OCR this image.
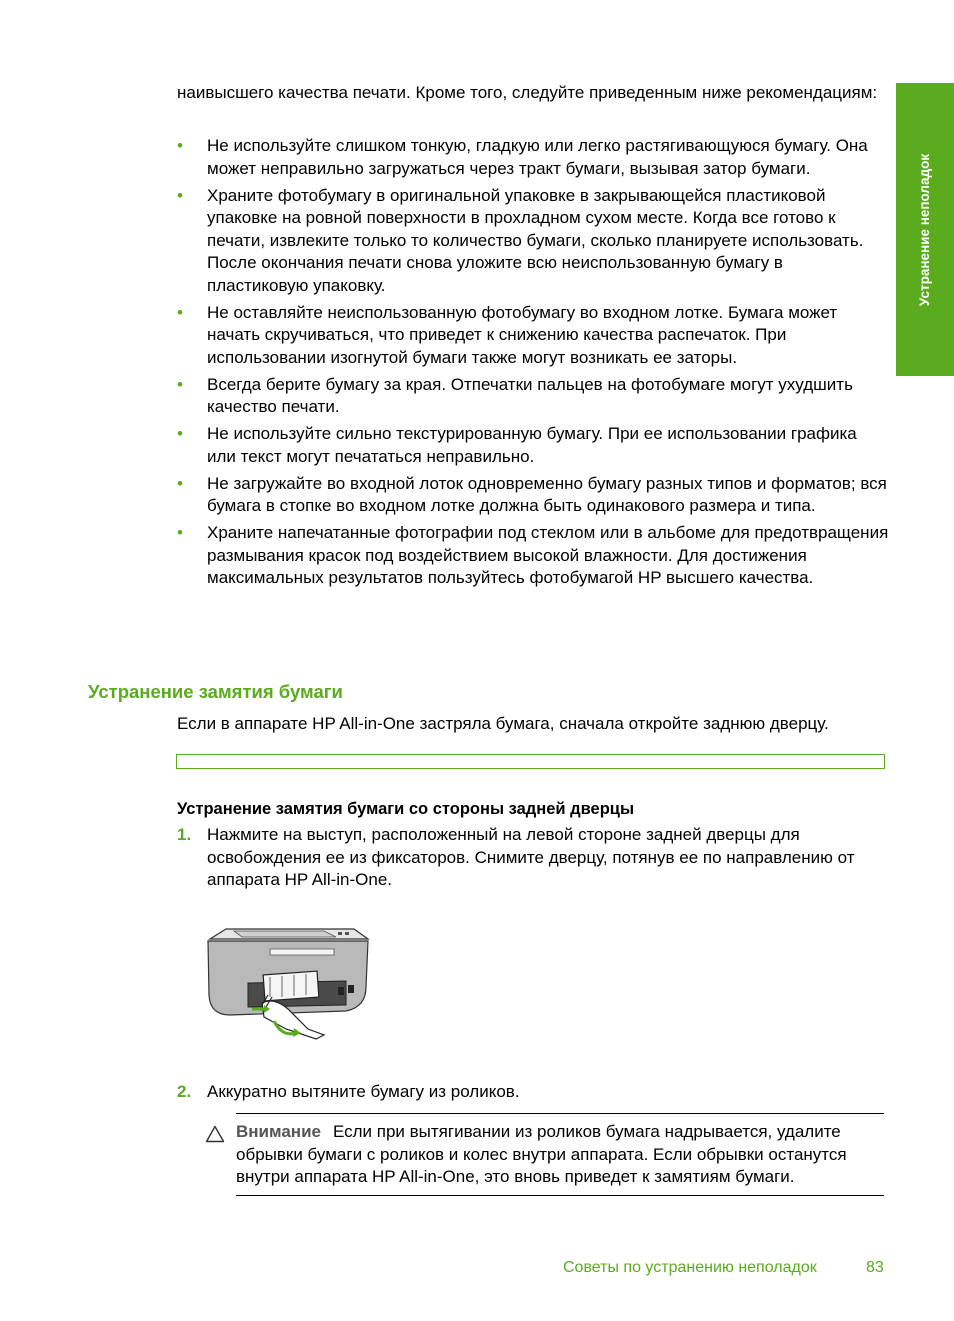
Устранение неполадок

наивысшего качества печати. Кроме того, следуйте приведенным ниже рекомендациям:

• Не используйте слишком тонкую, гладкую или легко растягивающуюся бумагу. Она может неправильно загружаться через тракт бумаги, вызывая затор бумаги.
• Храните фотобумагу в оригинальной упаковке в закрывающейся пластиковой упаковке на ровной поверхности в прохладном сухом месте. Когда все готово к печати, извлеките только то количество бумаги, сколько планируете использовать. После окончания печати снова уложите всю неиспользованную бумагу в пластиковую упаковку.
• Не оставляйте неиспользованную фотобумагу во входном лотке. Бумага может начать скручиваться, что приведет к снижению качества распечаток. При использовании изогнутой бумаги также могут возникать ее заторы.
• Всегда берите бумагу за края. Отпечатки пальцев на фотобумаге могут ухудшить качество печати.
• Не используйте сильно текстурированную бумагу. При ее использовании графика или текст могут печататься неправильно.
• Не загружайте во входной лоток одновременно бумагу разных типов и форматов; вся бумага в стопке во входном лотке должна быть одинакового размера и типа.
• Храните напечатанные фотографии под стеклом или в альбоме для предотвращения размывания красок под воздействием высокой влажности. Для достижения максимальных результатов пользуйтесь фотобумагой HP высшего качества.
Устранение замятия бумаги

Если в аппарате HP All-in-One застряла бумага, сначала откройте заднюю дверцу.

Устранение замятия бумаги со стороны задней дверцы
1. Нажмите на выступ, расположенный на левой стороне задней дверцы для освобождения ее из фиксаторов. Снимите дверцу, потянув ее по направлению от аппарата HP All-in-One.
2. Аккуратно вытяните бумагу из роликов.
Внимание Если при вытягивании из роликов бумага надрывается, удалите обрывки бумаги с роликов и колес внутри аппарата. Если обрывки останутся внутри аппарата HP All-in-One, это вновь приведет к замятиям бумаги.
Советы по устранению неполадок	83
